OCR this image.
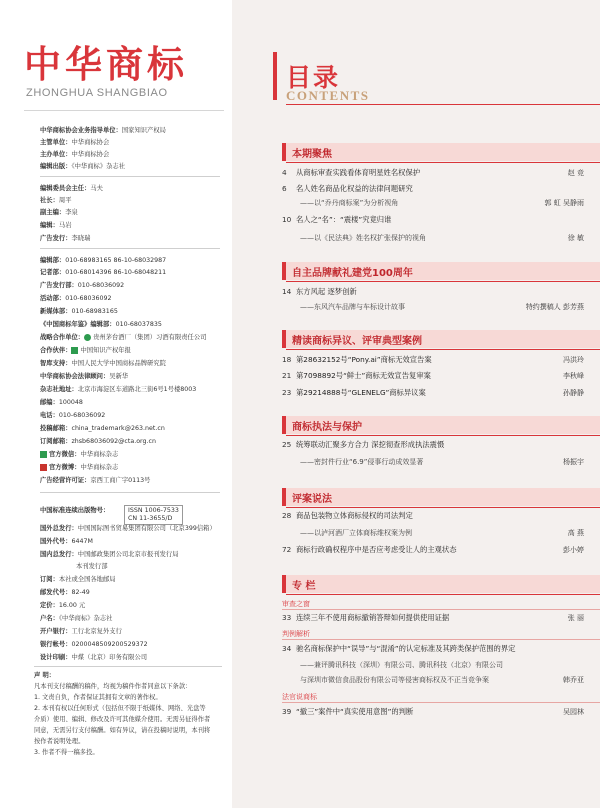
中华商标
ZHONGHUA SHANGBIAO
中华商标协会业务指导单位：国家知识产权局
主管单位：中华商标协会
主办单位：中华商标协会
编辑出版：《中华商标》杂志社
编辑委员会主任：马夫
社长：周平
副主编：李泉
编辑：马岩
广告发行：李晓瑞
编辑部：010-68983165 86-10-68032987
记者部：010-68014396 86-10-68048211
广告发行部：010-68036092
活动部：010-68036092
新媒体部：010-68983165
《中国商标年鉴》编辑部：010-68037835
战略合作单位： 贵州茅台酒厂（集团）习酒有限责任公司
合作伙伴： 中国知识产权年报
智库支持：中国人民大学中国商标品牌研究院
中华商标协会法律顾问：吴新华
杂志社地址：北京市海淀区车道路北三街6号1号楼8003
邮编：100048
电话：010-68036092
投稿邮箱：china_trademark@263.net.cn
订阅邮箱：zhsb68036092@cta.org.cn
官方微信：中华商标杂志
官方微博：中华商标杂志
广告经营许可证：京西工商广字0113号
中国标准连续出版物号：	ISSN 1006-7533
CN 11-3655/D
国外总发行：中国国际图书贸易集团有限公司（北京399信箱）
国外代号：6447M
国内总发行：中国邮政集团公司北京市报刊发行局
本刊发行部
订阅：本社或全国各地邮局
邮发代号：82-49
定价：16.00 元
户名：《中华商标》杂志社
开户银行：工行北京复外支行
银行帐号：0200048509200529372
设计印刷：中煤（北京）印务有限公司
声 明：
凡本刊支付稿酬的稿件，均视为稿件作者同意以下条款：
1. 文责自负，作者保证其拥有文章的著作权。
2. 本刊有权以任何形式（包括但不限于纸媒体、网络、光盘等
介质）使用、编辑、修改及许可其他媒介使用。无需另征得作者
同意，无需另行支付稿酬。如有异议，请在投稿时说明，本刊将
按作者说明处理。
3. 作者不得一稿多投。
目录
CONTENTS
本期聚焦
4 从商标审查实践看体育明星姓名权保护	赵 竞
6 名人姓名商品化权益的法律问题研究
——以“乔丹商标案”为分析视角	郭 虹 吴静雨
10 名人之“名”：“震楼”究竟归谁
——以《民法典》姓名权扩张保护的视角	徐 敏
自主品牌献礼建党100周年
14 东方风起 逐梦创新
——东风汽车品牌与车标设计故事	特约撰稿人 彭芳燕
精读商标异议、评审典型案例
18 第28632152号“Pony.ai”商标无效宣告案	冯洪玲
21 第7098892号“鲜士”商标无效宣告复审案	李秋峰
23 第29214888号“GLENELG”商标异议案	孙静静
商标执法与保护
25 统筹联动汇聚多方合力 深挖彻查形成执法震慑
——密封件行业“6.9”侵事行动成效显著	杨振宇
评案说法
28 商品包装物立体商标侵权的司法判定
——以泸河酒厂立体商标维权案为例	高 燕
72 商标行政确权程序中是否应考虑受让人的主观状态	彭小婷
专 栏
审查之窗
33 连续三年不使用商标撤销答辩如何提供使用证据	张 丽
判例解析
34 驰名商标保护中“误导”与“混淆”的认定标准及其跨类保护范围的界定
——兼评腾讯科技（深圳）有限公司、腾讯科技（北京）有限公司
与深圳市微信食品股份有限公司等侵害商标权及不正当竞争案	韩乔亚
法官说商标
39 “撤三”案件中“真实使用意图”的判断	吴园林
